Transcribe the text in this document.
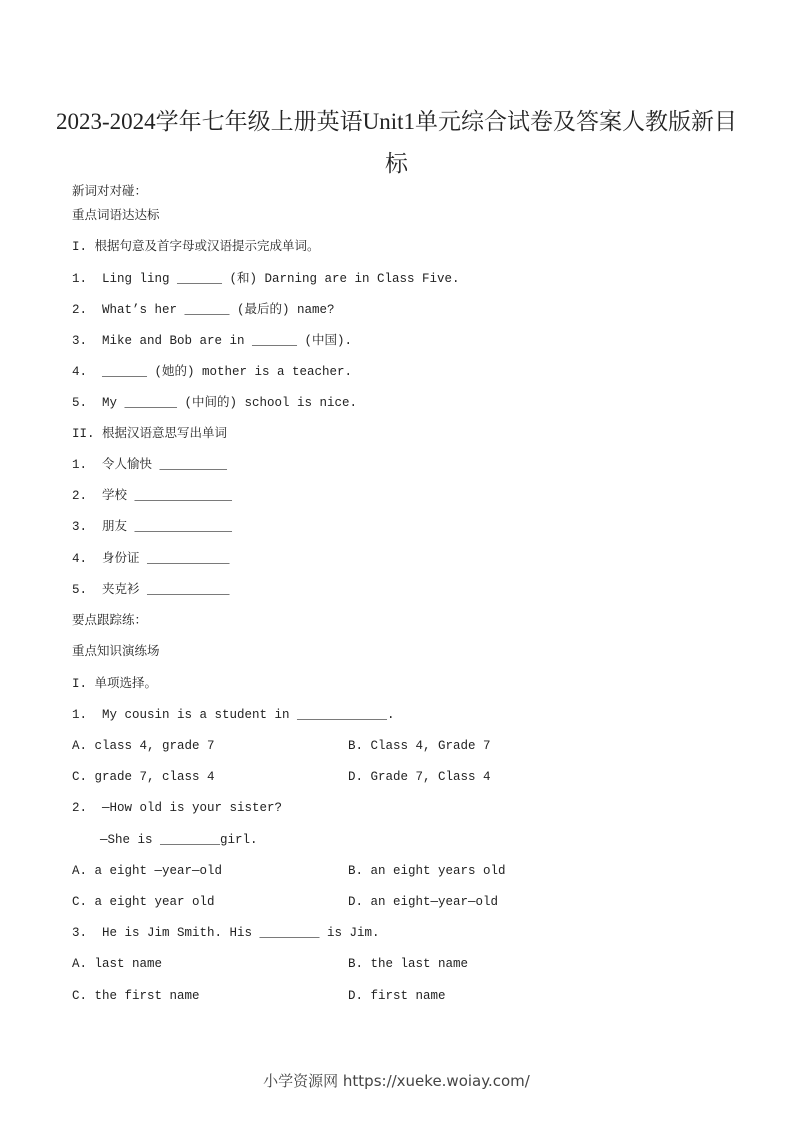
2023-2024学年七年级上册英语Unit1单元综合试卷及答案人教版新目
标
新词对对碰：
重点词语达达标
I. 根据句意及首字母或汉语提示完成单词。
1.  Ling ling ______ (和) Darning are in Class Five.
2.  What’s her ______ (最后的) name?
3.  Mike and Bob are in ______ (中国).
4.  ______ (她的) mother is a teacher.
5.  My _______ (中间的) school is nice.
II. 根据汉语意思写出单词
1.  令人愉快 _________
2.  学校 _____________
3.  朋友 _____________
4.  身份证 ___________
5.  夹克衫 ___________
要点跟踪练：
重点知识演练场
I. 单项选择。
1.  My cousin is a student in ____________.
A. class 4, grade 7	B. Class 4, Grade 7
C. grade 7, class 4	D. Grade 7, Class 4
2.  —How old is your sister?
—She is ________girl.
A. a eight —year—old	B. an eight years old
C. a eight year old	D. an eight—year—old
3.  He is Jim Smith. His ________ is Jim.
A. last name	B. the last name
C. the first name	D. first name
小学资源网 https://xueke.woiay.com/
